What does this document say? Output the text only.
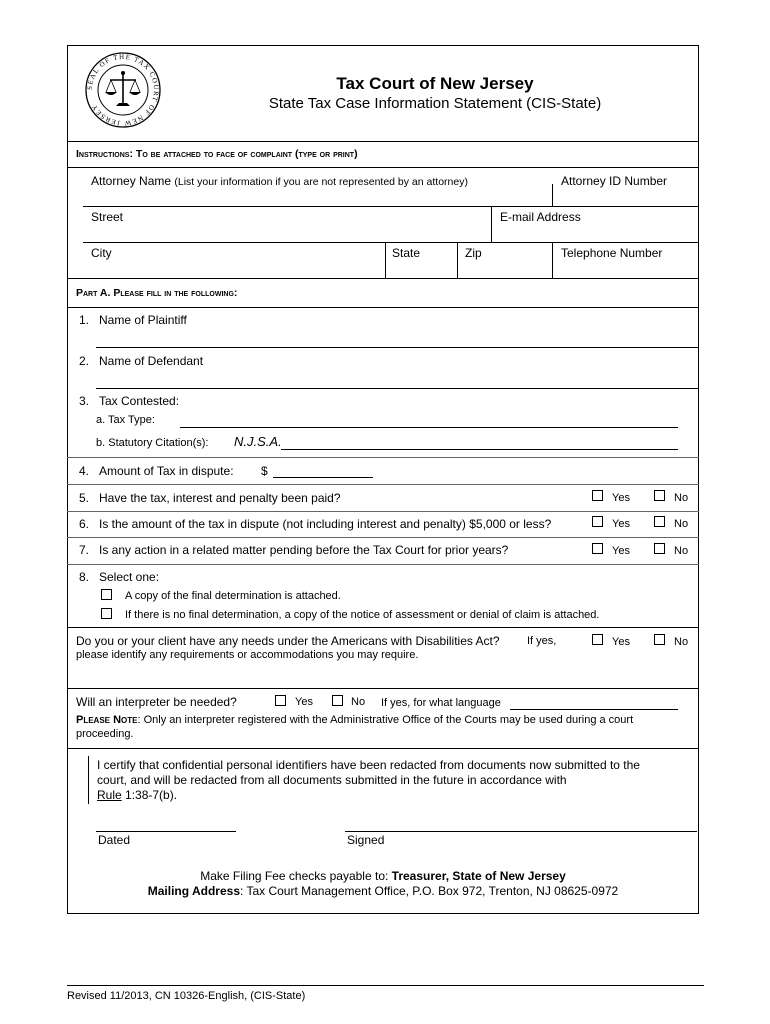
SEAL OF THE TAX COURT OF NEW JERSEY
Tax Court of New Jersey
State Tax Case Information Statement (CIS-State)
Instructions: To be attached to face of complaint (type or print)
Attorney Name (List your information if you are not represented by an attorney)	Attorney ID Number
Street	E-mail Address
City	State	Zip	Telephone Number
Part A. Please fill in the following:
1. Name of Plaintiff
2. Name of Defendant
3. Tax Contested:
a. Tax Type:
b. Statutory Citation(s): N.J.S.A.
4. Amount of Tax in dispute: $
5. Have the tax, interest and penalty been paid?	Yes	No
6. Is the amount of the tax in dispute (not including interest and penalty) $5,000 or less?	Yes	No
7. Is any action in a related matter pending before the Tax Court for prior years?	Yes	No
8. Select one:
A copy of the final determination is attached.
If there is no final determination, a copy of the notice of assessment or denial of claim is attached.
Do you or your client have any needs under the Americans with Disabilities Act? If yes,	Yes	No
please identify any requirements or accommodations you may require.
Will an interpreter be needed?	Yes	No If yes, for what language
Please Note: Only an interpreter registered with the Administrative Office of the Courts may be used during a court
proceeding.
I certify that confidential personal identifiers have been redacted from documents now submitted to the
court, and will be redacted from all documents submitted in the future in accordance with
Rule 1:38-7(b).
Dated	Signed
Make Filing Fee checks payable to: Treasurer, State of New Jersey
Mailing Address: Tax Court Management Office, P.O. Box 972, Trenton, NJ 08625-0972
Revised 11/2013, CN 10326-English, (CIS-State)
